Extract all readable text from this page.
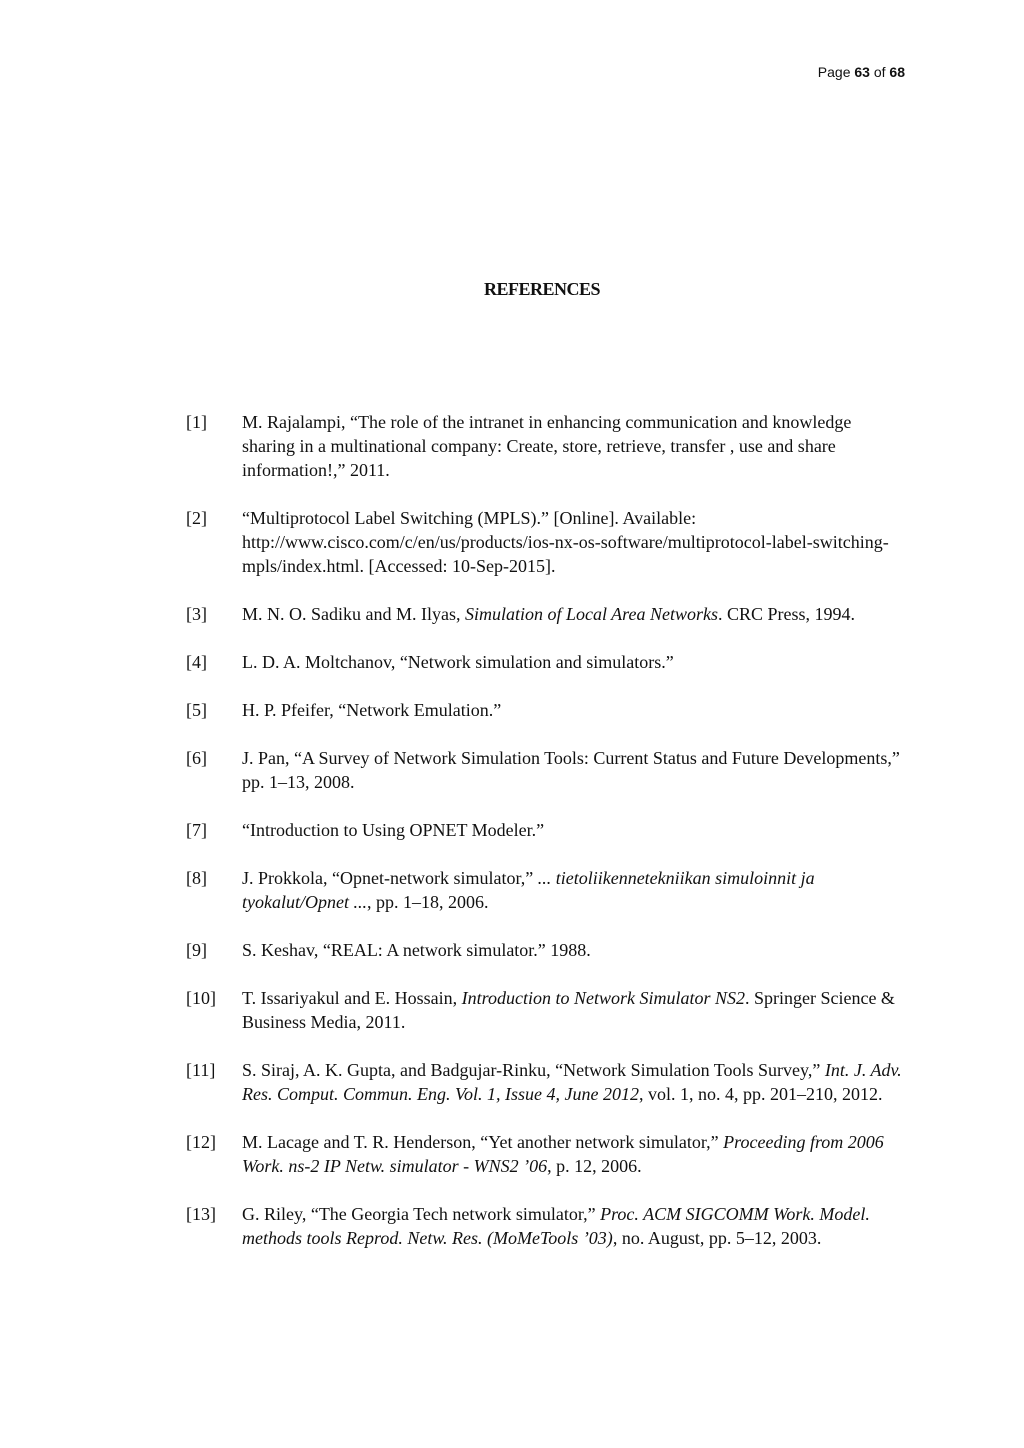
Page 63 of 68
REFERENCES
[1]	M. Rajalampi, “The role of the intranet in enhancing communication and knowledge sharing in a multinational company: Create, store, retrieve, transfer , use and share information!,” 2011.
[2]	“Multiprotocol Label Switching (MPLS).” [Online]. Available: http://www.cisco.com/c/en/us/products/ios-nx-os-software/multiprotocol-label-switching-mpls/index.html. [Accessed: 10-Sep-2015].
[3]	M. N. O. Sadiku and M. Ilyas, Simulation of Local Area Networks. CRC Press, 1994.
[4]	L. D. A. Moltchanov, “Network simulation and simulators.”
[5]	H. P. Pfeifer, “Network Emulation.”
[6]	J. Pan, “A Survey of Network Simulation Tools: Current Status and Future Developments,” pp. 1–13, 2008.
[7]	“Introduction to Using OPNET Modeler.”
[8]	J. Prokkola, “Opnet-network simulator,” ... tietoliikennetekniikan simuloinnit ja tyokalut/Opnet ..., pp. 1–18, 2006.
[9]	S. Keshav, “REAL: A network simulator.” 1988.
[10]	T. Issariyakul and E. Hossain, Introduction to Network Simulator NS2. Springer Science & Business Media, 2011.
[11]	S. Siraj, A. K. Gupta, and Badgujar-Rinku, “Network Simulation Tools Survey,” Int. J. Adv. Res. Comput. Commun. Eng. Vol. 1, Issue 4, June 2012, vol. 1, no. 4, pp. 201–210, 2012.
[12]	M. Lacage and T. R. Henderson, “Yet another network simulator,” Proceeding from 2006 Work. ns-2 IP Netw. simulator - WNS2 ’06, p. 12, 2006.
[13]	G. Riley, “The Georgia Tech network simulator,” Proc. ACM SIGCOMM Work. Model. methods tools Reprod. Netw. Res. (MoMeTools ’03), no. August, pp. 5–12, 2003.
